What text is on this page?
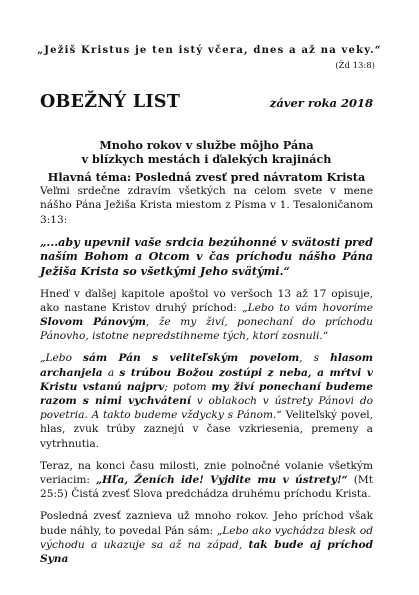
„Ježiš Kristus je ten istý včera, dnes a až na veky.“
(Žd 13:8)
OBEŽNÝ LIST	záver roka 2018
Mnoho rokov v službe môjho Pána
v blízkych mestách i ďalekých krajinách
Hlavná téma: Posledná zvesť pred návratom Krista

Veľmi srdečne zdravím všetkých na celom svete v mene nášho Pána Ježiša Krista miestom z Písma v 1. Tesaloničanom 3:13:

„...aby upevnil vaše srdcia bezúhonné v svätosti pred naším Bohom a Otcom v čas príchodu nášho Pána Ježiša Krista so všetkými Jeho svätými.“

Hneď v ďalšej kapitole apoštol vo veršoch 13 až 17 opisuje, ako nastane Kristov druhý príchod: „Lebo to vám hovoríme Slovom Pánovým, že my živí, ponechaní do príchodu Pánovho, istotne nepredstihneme tých, ktorí zosnuli.“

„Lebo sám Pán s veliteľským povelom, s hlasom archanjela a s trúbou Božou zostúpi z neba, a mŕtvi v Kristu vstanú najprv; potom my živí ponechaní budeme razom s nimi vychvátení v oblakoch v ústrety Pánovi do povetria. A takto budeme vždycky s Pánom.“ Veliteľský povel, hlas, zvuk trúby zaznejú v čase vzkriesenia, premeny a vytrhnutia.

Teraz, na konci času milosti, znie polnočné volanie všetkým veriacim: „Hľa, Ženích ide! Vyjdite mu v ústrety!“ (Mt 25:5) Čistá zvesť Slova predchádza druhému príchodu Krista.

Posledná zvesť zaznieva už mnoho rokov. Jeho príchod však bude náhly, to povedal Pán sám: „Lebo ako vychádza blesk od východu a ukazuje sa až na západ, tak bude aj príchod Syna
